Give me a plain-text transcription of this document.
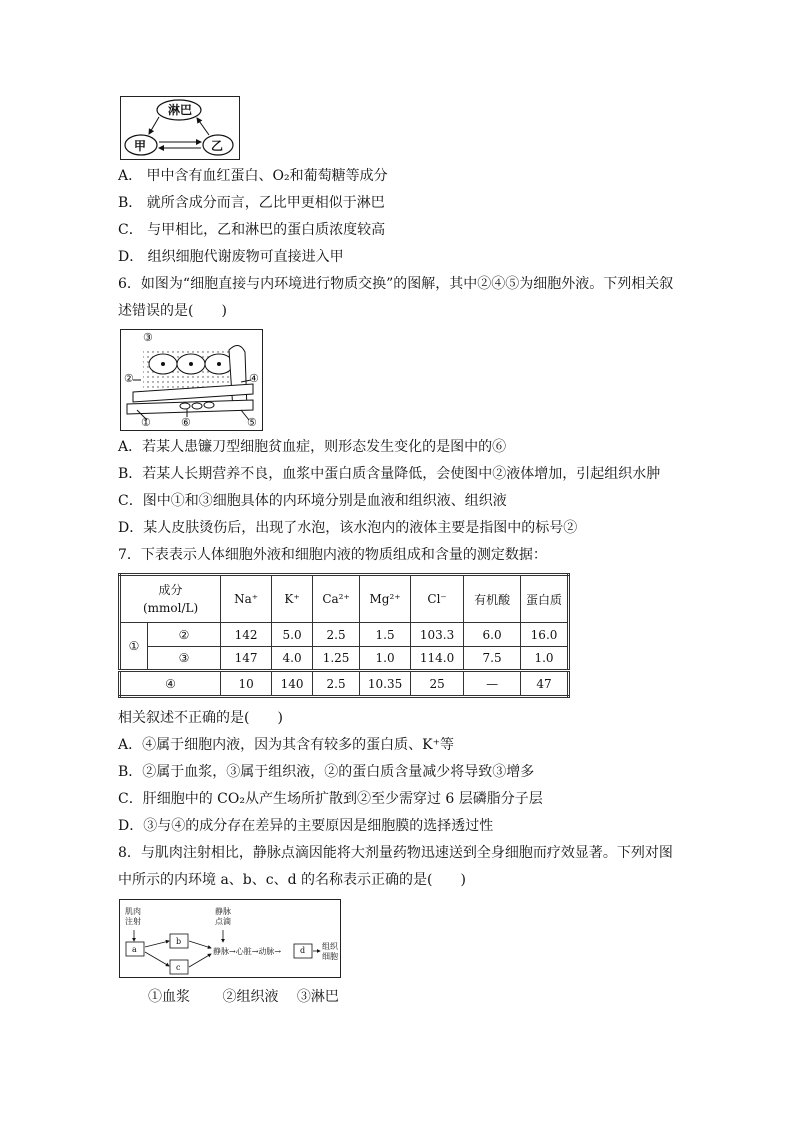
淋巴
甲	乙
A． 甲中含有血红蛋白、O₂和葡萄糖等成分
B． 就所含成分而言，乙比甲更相似于淋巴
C． 与甲相比，乙和淋巴的蛋白质浓度较高
D． 组织细胞代谢废物可直接进入甲
6．如图为“细胞直接与内环境进行物质交换”的图解，其中②④⑤为细胞外液。下列相关叙
述错误的是(　　)
③
②	④
①	⑥	⑤
A．若某人患镰刀型细胞贫血症，则形态发生变化的是图中的⑥
B．若某人长期营养不良，血浆中蛋白质含量降低，会使图中②液体增加，引起组织水肿
C．图中①和③细胞具体的内环境分别是血液和组织液、组织液
D．某人皮肤烫伤后，出现了水泡，该水泡内的液体主要是指图中的标号②
7．下表表示人体细胞外液和细胞内液的物质组成和含量的测定数据：
成分
(mmol/L)		Na⁺	K⁺	Ca²⁺	Mg²⁺	Cl⁻	有机酸	蛋白质
①	②	142	5.0	2.5	1.5	103.3	6.0	16.0
	③	147	4.0	1.25	1.0	114.0	7.5	1.0
④		10	140	2.5	10.35	25	—	47
相关叙述不正确的是(　　)
A．④属于细胞内液，因为其含有较多的蛋白质、K⁺等
B．②属于血浆，③属于组织液，②的蛋白质含量减少将导致③增多
C．肝细胞中的 CO₂从产生场所扩散到②至少需穿过 6 层磷脂分子层
D．③与④的成分存在差异的主要原因是细胞膜的选择透过性
8．与肌肉注射相比，静脉点滴因能将大剂量药物迅速送到全身细胞而疗效显著。下列对图
中所示的内环境 a、b、c、d 的名称表示正确的是(　　)
肌肉
注射
静脉
点滴
a
b
c
静脉→心脏→动脉→ d 组织
细胞
①血浆 ②组织液 ③淋巴
